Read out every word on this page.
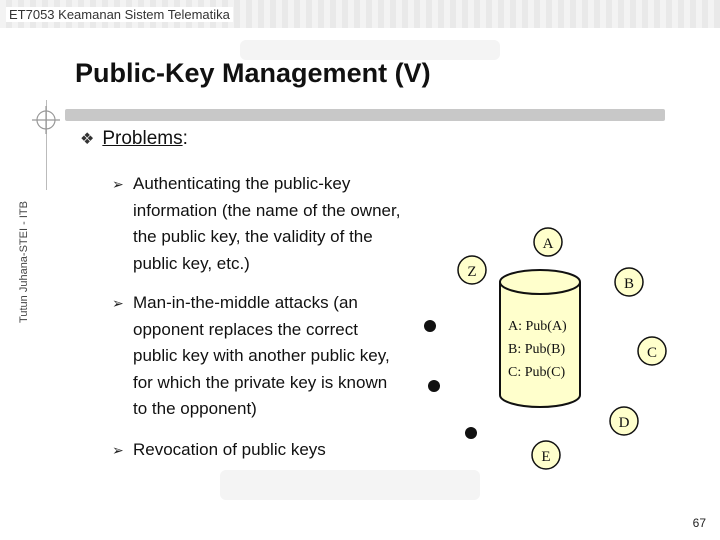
ET7053 Keamanan Sistem Telematika
Tutun Juhana-STEI - ITB
Public-Key Management (V)
❖ Problems:
➢ Authenticating the public-key information (the name of the owner, the public key, the validity of the public key, etc.)
➢ Man-in-the-middle attacks (an opponent replaces the correct public key with another public key, for which the private key is known to the opponent)
➢ Revocation of public keys
A: Pub(A)
B: Pub(B)
C: Pub(C)
A
Z
B
C
D
E
67
